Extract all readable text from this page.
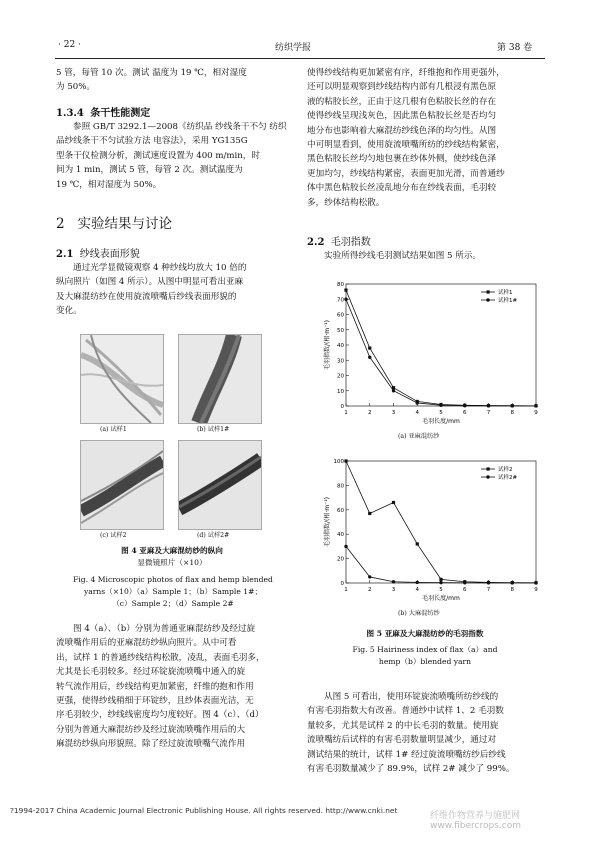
· 22 ·	纺织学报	第 38 卷

5 管，每管 10 次。测试 温度为 19 ℃，相对湿度

为 50%。

1.3.4 条干性能测定

参照 GB/T 3292.1—2008《纺织品 纱线条干不匀 纺织

品纱线条干不匀试验方法 电容法》，采用 YG135G

型条干仪检测分析，测试速度设置为 400 m/min，时

间为 1 min，测试 5 管，每管 2 次。测试温度为

19 ℃，相对湿度为 50%。

2 实验结果与讨论
2.1 纱线表面形貌

通过光学显微镜观察 4 种纱线均放大 10 倍的

纵向照片（如图 4 所示）。从图中明显可看出亚麻

及大麻混纺纱在使用旋流喷嘴后纱线表面形貌的

变化。

(a) 试样1	(b) 试样1#
(c) 试样2	(d) 试样2#
图 4 亚麻及大麻混纺纱的纵向
显微镜照片（×10）
Fig. 4 Microscopic photos of flax and hemp blended
yarns（×10）（a）Sample 1；（b）Sample 1#；
（c）Sample 2；（d）Sample 2#

图 4（a）、（b）分别为普通亚麻混纺纱及经过旋

流喷嘴作用后的亚麻混纺纱纵向照片。从中可看

出，试样 1 的普通纱线结构松散，凌乱，表面毛羽多，

尤其是长毛羽较多。经过环锭旋流喷嘴中通入的旋

转气流作用后，纱线结构更加紧密，纤维的抱和作用

更强，使得纱线稍细于环锭纱，且纱体表面光洁，无

序毛羽较少，纱线线密度均匀度较好。图 4（c）、（d）

分别为普通大麻混纺纱及经过旋流喷嘴作用后的大

麻混纺纱纵向形貌照。除了经过旋流喷嘴气流作用

使得纱线结构更加紧密有序，纤维抱和作用更强外，

还可以明显观察到纱线结构内部有几根浸有黑色原

液的粘胶长丝，正由于这几根有色粘胶长丝的存在

使得纱线呈现浅灰色，因此黑色粘胶长丝是否均匀

地分布也影响着大麻混纺纱线色泽的均匀性。从图

中可明显看到，使用旋流喷嘴所纺的纱线结构紧密，

黑色粘胶长丝均匀地包裹在纱体外侧，使纱线色泽

更加均匀，纱线结构紧密，表面更加光滑，而普通纱

体中黑色粘胶长丝凌乱地分布在纱线表面，毛羽较

多，纱体结构松散。

2.2 毛羽指数

实验所得纱线毛羽测试结果如图 5 所示。

1	2	3	4	5	6	7	8	9
0
10
20
30
40
50
60
70
80
毛羽长度/mm
毛羽指数/(根·m⁻¹)
试样1
试样1#
(a) 亚麻混纺纱
1	2	3	4	5	6	7	8	9
0
20
40
60
80
100
毛羽长度/mm
毛羽指数/(根·m⁻¹)
试样2
试样2#
(b) 大麻混纺纱
图 5 亚麻及大麻混纺纱的毛羽指数
Fig. 5 Hairiness index of flax（a）and
hemp（b）blended yarn

从图 5 可看出，使用环锭旋流喷嘴所纺纱线的

有害毛羽指数大有改善。普通纱中试样 1、2 毛羽数

量较多，尤其是试样 2 的中长毛羽的数量。使用旋

流喷嘴纺后试样的有害毛羽数量明显减少，通过对

测试结果的统计，试样 1# 经过旋流喷嘴纺纱后纱线

有害毛羽数量减少了 89.9%，试样 2# 减少了 99%。

?1994-2017 China Academic Journal Electronic Publishing House. All rights reserved. http://www.cnki.net
纤维作物营养与施肥网 www.fibercrops.com
